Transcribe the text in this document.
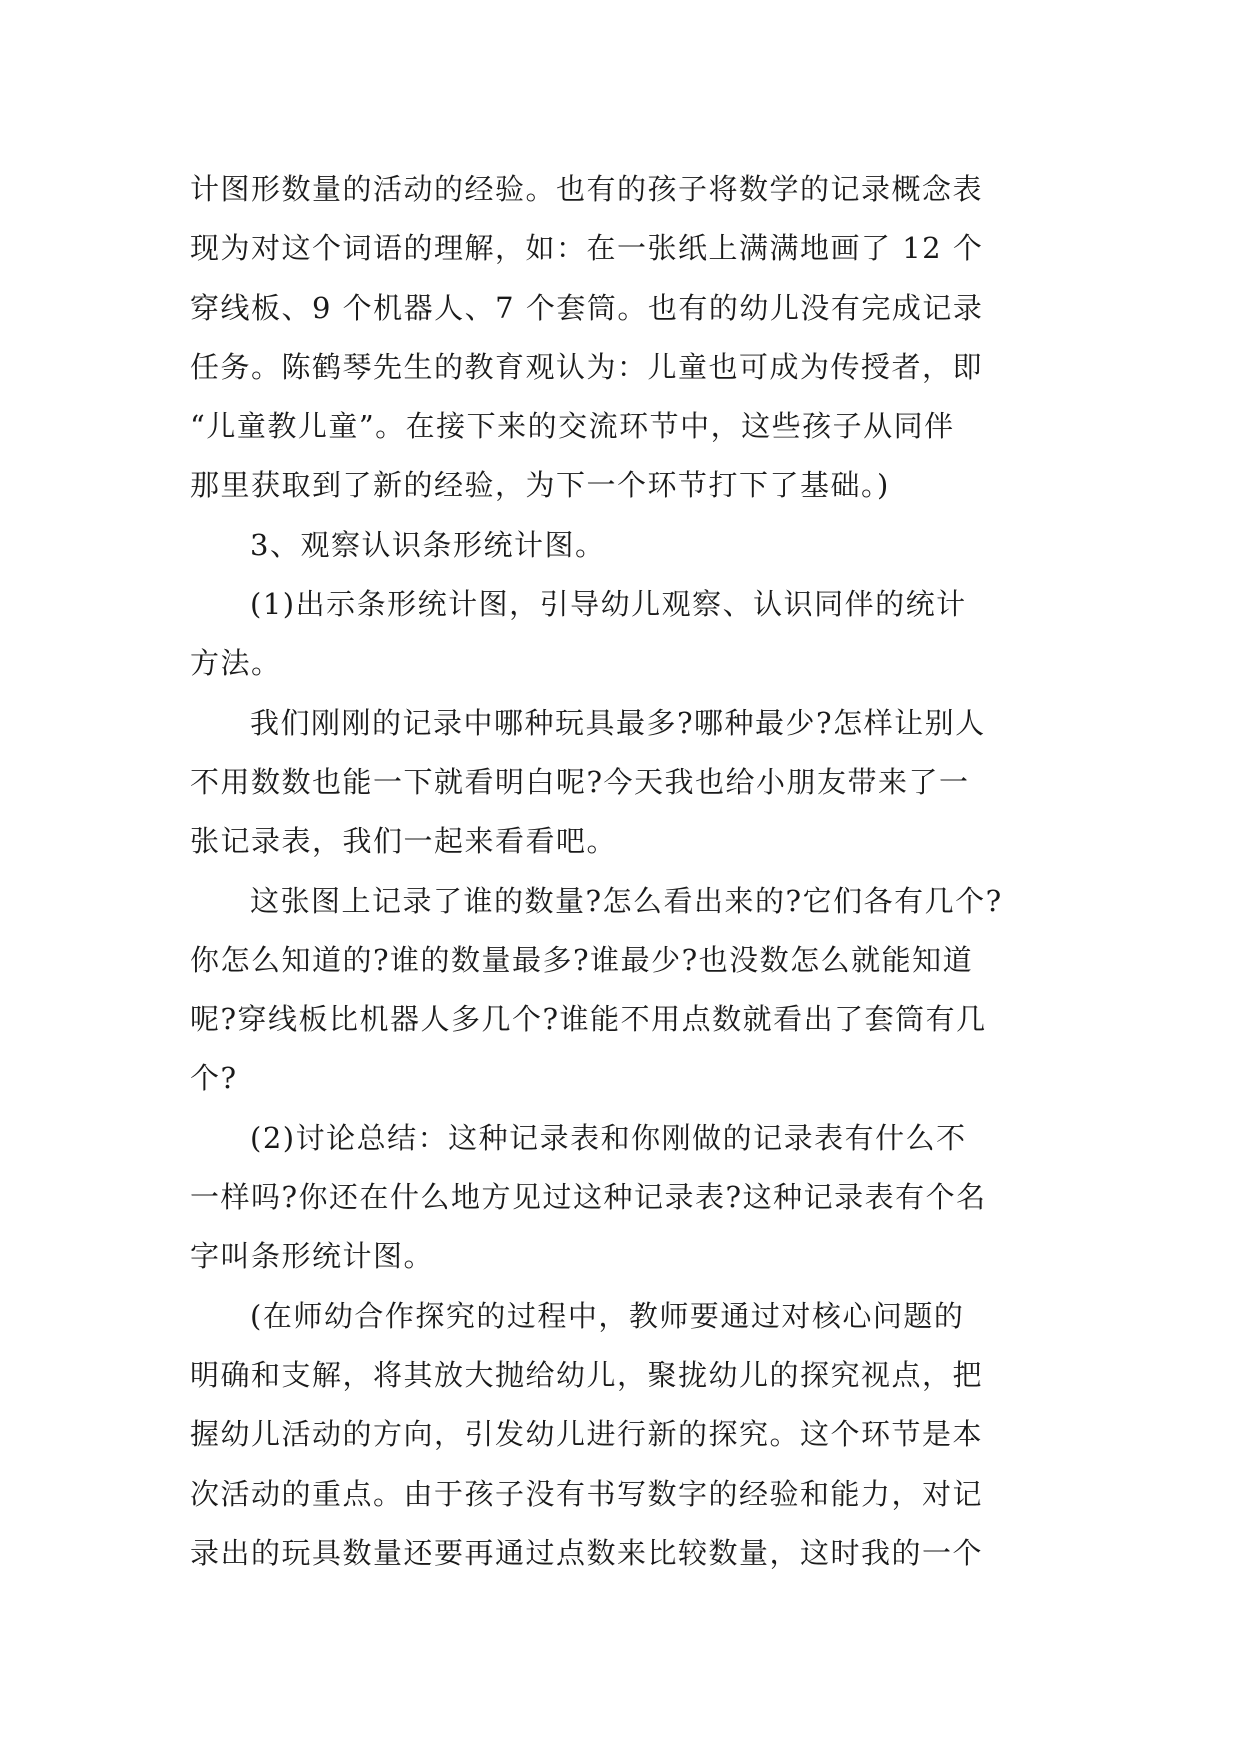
计图形数量的活动的经验。也有的孩子将数学的记录概念表
现为对这个词语的理解，如：在一张纸上满满地画了 12 个
穿线板、9 个机器人、7 个套筒。也有的幼儿没有完成记录
任务。陈鹤琴先生的教育观认为：儿童也可成为传授者，即
“儿童教儿童”。在接下来的交流环节中，这些孩子从同伴
那里获取到了新的经验，为下一个环节打下了基础。)
3、观察认识条形统计图。
(1)出示条形统计图，引导幼儿观察、认识同伴的统计
方法。
我们刚刚的记录中哪种玩具最多?哪种最少?怎样让别人
不用数数也能一下就看明白呢?今天我也给小朋友带来了一
张记录表，我们一起来看看吧。
这张图上记录了谁的数量?怎么看出来的?它们各有几个?
你怎么知道的?谁的数量最多?谁最少?也没数怎么就能知道
呢?穿线板比机器人多几个?谁能不用点数就看出了套筒有几
个?
(2)讨论总结：这种记录表和你刚做的记录表有什么不
一样吗?你还在什么地方见过这种记录表?这种记录表有个名
字叫条形统计图。
(在师幼合作探究的过程中，教师要通过对核心问题的
明确和支解，将其放大抛给幼儿，聚拢幼儿的探究视点，把
握幼儿活动的方向，引发幼儿进行新的探究。这个环节是本
次活动的重点。由于孩子没有书写数字的经验和能力，对记
录出的玩具数量还要再通过点数来比较数量，这时我的一个
